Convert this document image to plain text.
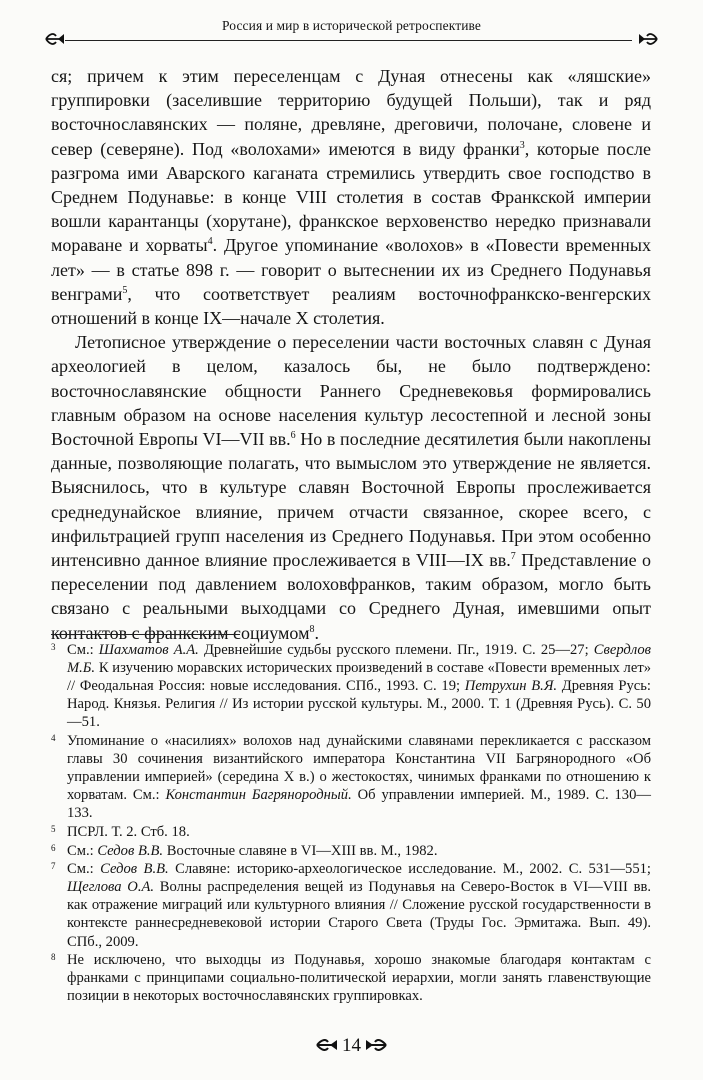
Россия и мир в исторической ретроспективе

ся; причем к этим переселенцам с Дуная отнесены как «ляшские» группировки (заселившие территорию будущей Польши), так и ряд восточнославянских — поляне, древляне, дреговичи, полочане, словене и север (северяне). Под «волохами» имеются в виду франки$^3$, которые после разгрома ими Аварского каганата стремились утвердить свое господство в Среднем Подунавье: в конце VIII столетия в состав Франкской империи вошли карантанцы (хорутане), франкское верховенство нередко признавали мораване и хорваты$^4$. Другое упоминание «волохов» в «Повести временных лет» — в статье 898 г. — говорит о вытеснении их из Среднего Подунавья венграми$^5$, что соответствует реалиям восточнофранкско-венгерских отношений в конце IX—начале X столетия.

Летописное утверждение о переселении части восточных славян с Дуная археологией в целом, казалось бы, не было подтверждено: восточнославянские общности Раннего Средневековья формировались главным образом на основе населения культур лесостепной и лесной зоны Восточной Европы VI—VII вв.$^6$ Но в последние десятилетия были накоплены данные, позволяющие полагать, что вымыслом это утверждение не является. Выяснилось, что в культуре славян Восточной Европы прослеживается среднедунайское влияние, причем отчасти связанное, скорее всего, с инфильтрацией групп населения из Среднего Подунавья. При этом особенно интенсивно данное влияние прослеживается в VIII—IX вв.$^7$ Представление о переселении под давлением волоховфранков, таким образом, могло быть связано с реальными выходцами со Среднего Дуная, имевшими опыт контактов с франкским социумом$^8$.

3 См.: Шахматов А.А. Древнейшие судьбы русского племени. Пг., 1919. С. 25—27; Свердлов М.Б. К изучению моравских исторических произведений в составе «Повести временных лет» // Феодальная Россия: новые исследования. СПб., 1993. С. 19; Петрухин В.Я. Древняя Русь: Народ. Князья. Религия // Из истории русской культуры. М., 2000. Т. 1 (Древняя Русь). С. 50—51.
4 Упоминание о «насилиях» волохов над дунайскими славянами перекликается с рассказом главы 30 сочинения византийского императора Константина VII Багрянородного «Об управлении империей» (середина X в.) о жестокостях, чинимых франками по отношению к хорватам. См.: Константин Багрянородный. Об управлении империей. М., 1989. С. 130—133.
5 ПСРЛ. Т. 2. Стб. 18.
6 См.: Седов В.В. Восточные славяне в VI—XIII вв. М., 1982.
7 См.: Седов В.В. Славяне: историко-археологическое исследование. М., 2002. С. 531—551; Щеглова О.А. Волны распределения вещей из Подунавья на Северо-Восток в VI—VIII вв. как отражение миграций или культурного влияния // Сложение русской государственности в контексте раннесредневековой истории Старого Света (Труды Гос. Эрмитажа. Вып. 49). СПб., 2009.
8 Не исключено, что выходцы из Подунавья, хорошо знакомые благодаря контактам с франками с принципами социально-политической иерархии, могли занять главенствующие позиции в некоторых восточнославянских группировках.
14
